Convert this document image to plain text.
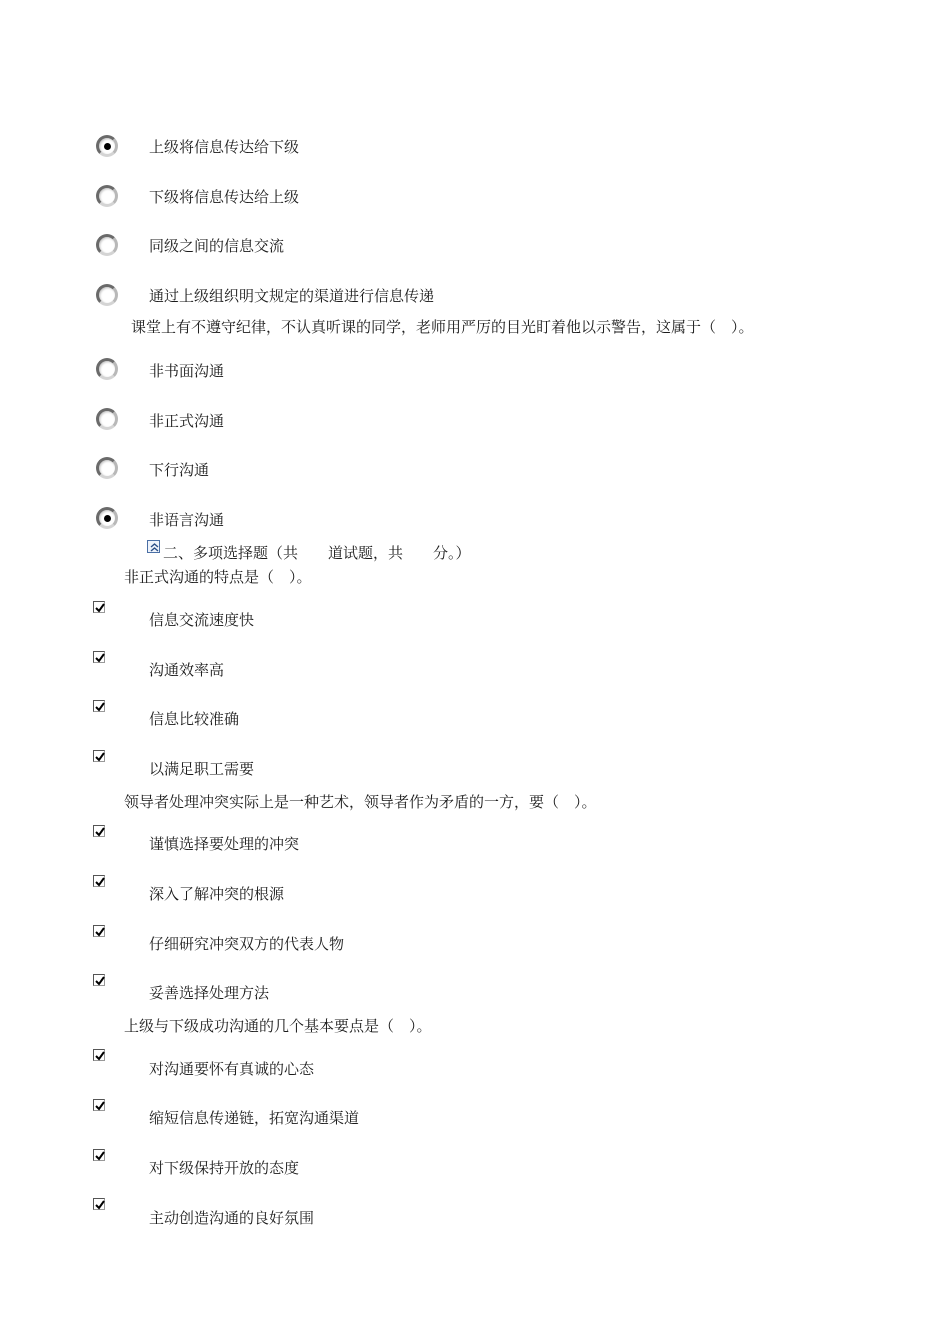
上级将信息传达给下级
下级将信息传达给上级
同级之间的信息交流
通过上级组织明文规定的渠道进行信息传递
课堂上有不遵守纪律，不认真听课的同学，老师用严厉的目光盯着他以示警告，这属于（　）。
非书面沟通
非正式沟通
下行沟通
非语言沟通
二、多项选择题（共　　道试题，共　　分。）
非正式沟通的特点是（　）。
信息交流速度快
沟通效率高
信息比较准确
以满足职工需要
领导者处理冲突实际上是一种艺术，领导者作为矛盾的一方，要（　）。
谨慎选择要处理的冲突
深入了解冲突的根源
仔细研究冲突双方的代表人物
妥善选择处理方法
上级与下级成功沟通的几个基本要点是（　）。
对沟通要怀有真诚的心态
缩短信息传递链，拓宽沟通渠道
对下级保持开放的态度
主动创造沟通的良好氛围
